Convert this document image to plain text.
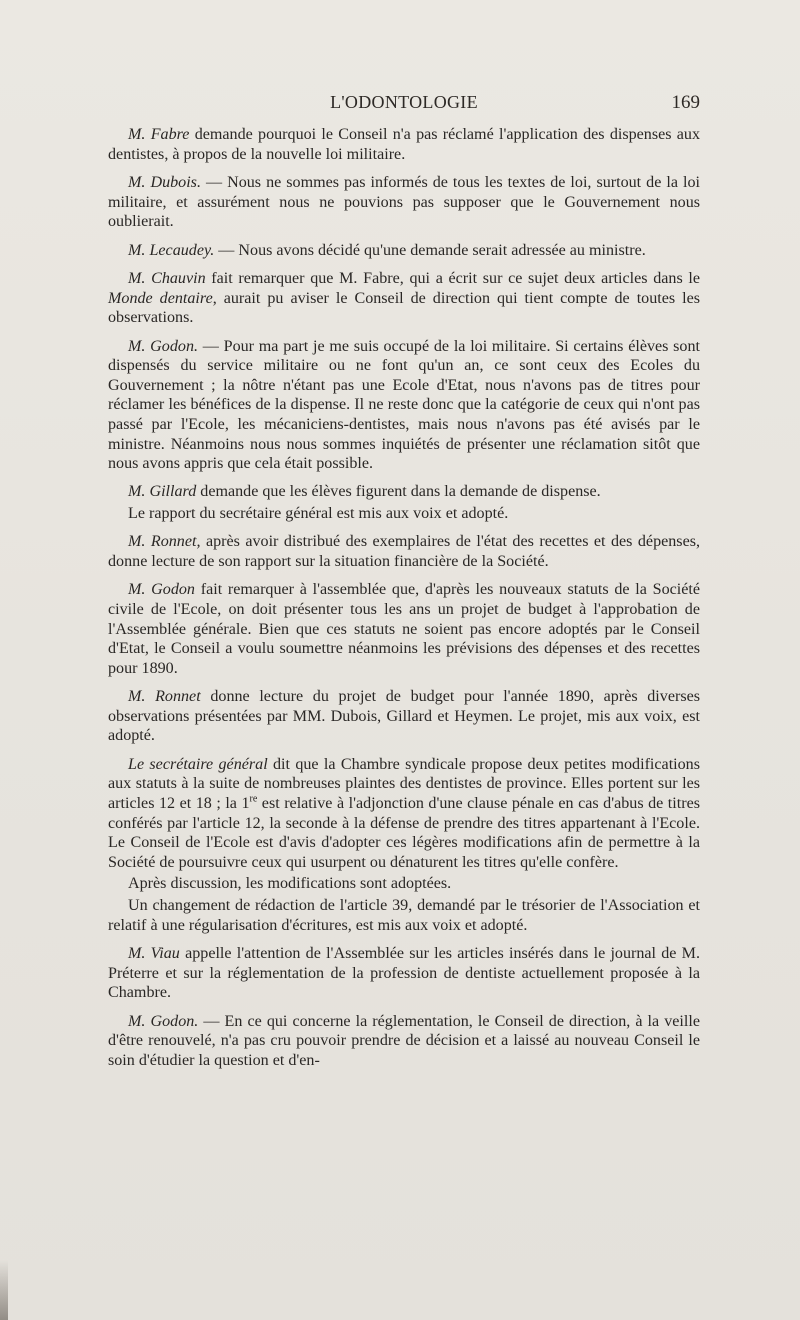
L'ODONTOLOGIE	169

M. Fabre demande pourquoi le Conseil n'a pas réclamé l'application des dispenses aux dentistes, à propos de la nouvelle loi militaire.

M. Dubois. — Nous ne sommes pas informés de tous les textes de loi, surtout de la loi militaire, et assurément nous ne pouvions pas supposer que le Gouvernement nous oublierait.

M. Lecaudey. — Nous avons décidé qu'une demande serait adressée au ministre.

M. Chauvin fait remarquer que M. Fabre, qui a écrit sur ce sujet deux articles dans le Monde dentaire, aurait pu aviser le Conseil de direction qui tient compte de toutes les observations.

M. Godon. — Pour ma part je me suis occupé de la loi militaire. Si certains élèves sont dispensés du service militaire ou ne font qu'un an, ce sont ceux des Ecoles du Gouvernement ; la nôtre n'étant pas une Ecole d'Etat, nous n'avons pas de titres pour réclamer les bénéfices de la dispense. Il ne reste donc que la catégorie de ceux qui n'ont pas passé par l'Ecole, les mécaniciens-dentistes, mais nous n'avons pas été avisés par le ministre. Néanmoins nous nous sommes inquiétés de présenter une réclamation sitôt que nous avons appris que cela était possible.

M. Gillard demande que les élèves figurent dans la demande de dispense.

Le rapport du secrétaire général est mis aux voix et adopté.

M. Ronnet, après avoir distribué des exemplaires de l'état des recettes et des dépenses, donne lecture de son rapport sur la situation financière de la Société.

M. Godon fait remarquer à l'assemblée que, d'après les nouveaux statuts de la Société civile de l'Ecole, on doit présenter tous les ans un projet de budget à l'approbation de l'Assemblée générale. Bien que ces statuts ne soient pas encore adoptés par le Conseil d'Etat, le Conseil a voulu soumettre néanmoins les prévisions des dépenses et des recettes pour 1890.

M. Ronnet donne lecture du projet de budget pour l'année 1890, après diverses observations présentées par MM. Dubois, Gillard et Heymen. Le projet, mis aux voix, est adopté.

Le secrétaire général dit que la Chambre syndicale propose deux petites modifications aux statuts à la suite de nombreuses plaintes des dentistes de province. Elles portent sur les articles 12 et 18 ; la 1re est relative à l'adjonction d'une clause pénale en cas d'abus de titres conférés par l'article 12, la seconde à la défense de prendre des titres appartenant à l'Ecole. Le Conseil de l'Ecole est d'avis d'adopter ces légères modifications afin de permettre à la Société de poursuivre ceux qui usurpent ou dénaturent les titres qu'elle confère.

Après discussion, les modifications sont adoptées.

Un changement de rédaction de l'article 39, demandé par le trésorier de l'Association et relatif à une régularisation d'écritures, est mis aux voix et adopté.

M. Viau appelle l'attention de l'Assemblée sur les articles insérés dans le journal de M. Préterre et sur la réglementation de la profession de dentiste actuellement proposée à la Chambre.

M. Godon. — En ce qui concerne la réglementation, le Conseil de direction, à la veille d'être renouvelé, n'a pas cru pouvoir prendre de décision et a laissé au nouveau Conseil le soin d'étudier la question et d'en-
